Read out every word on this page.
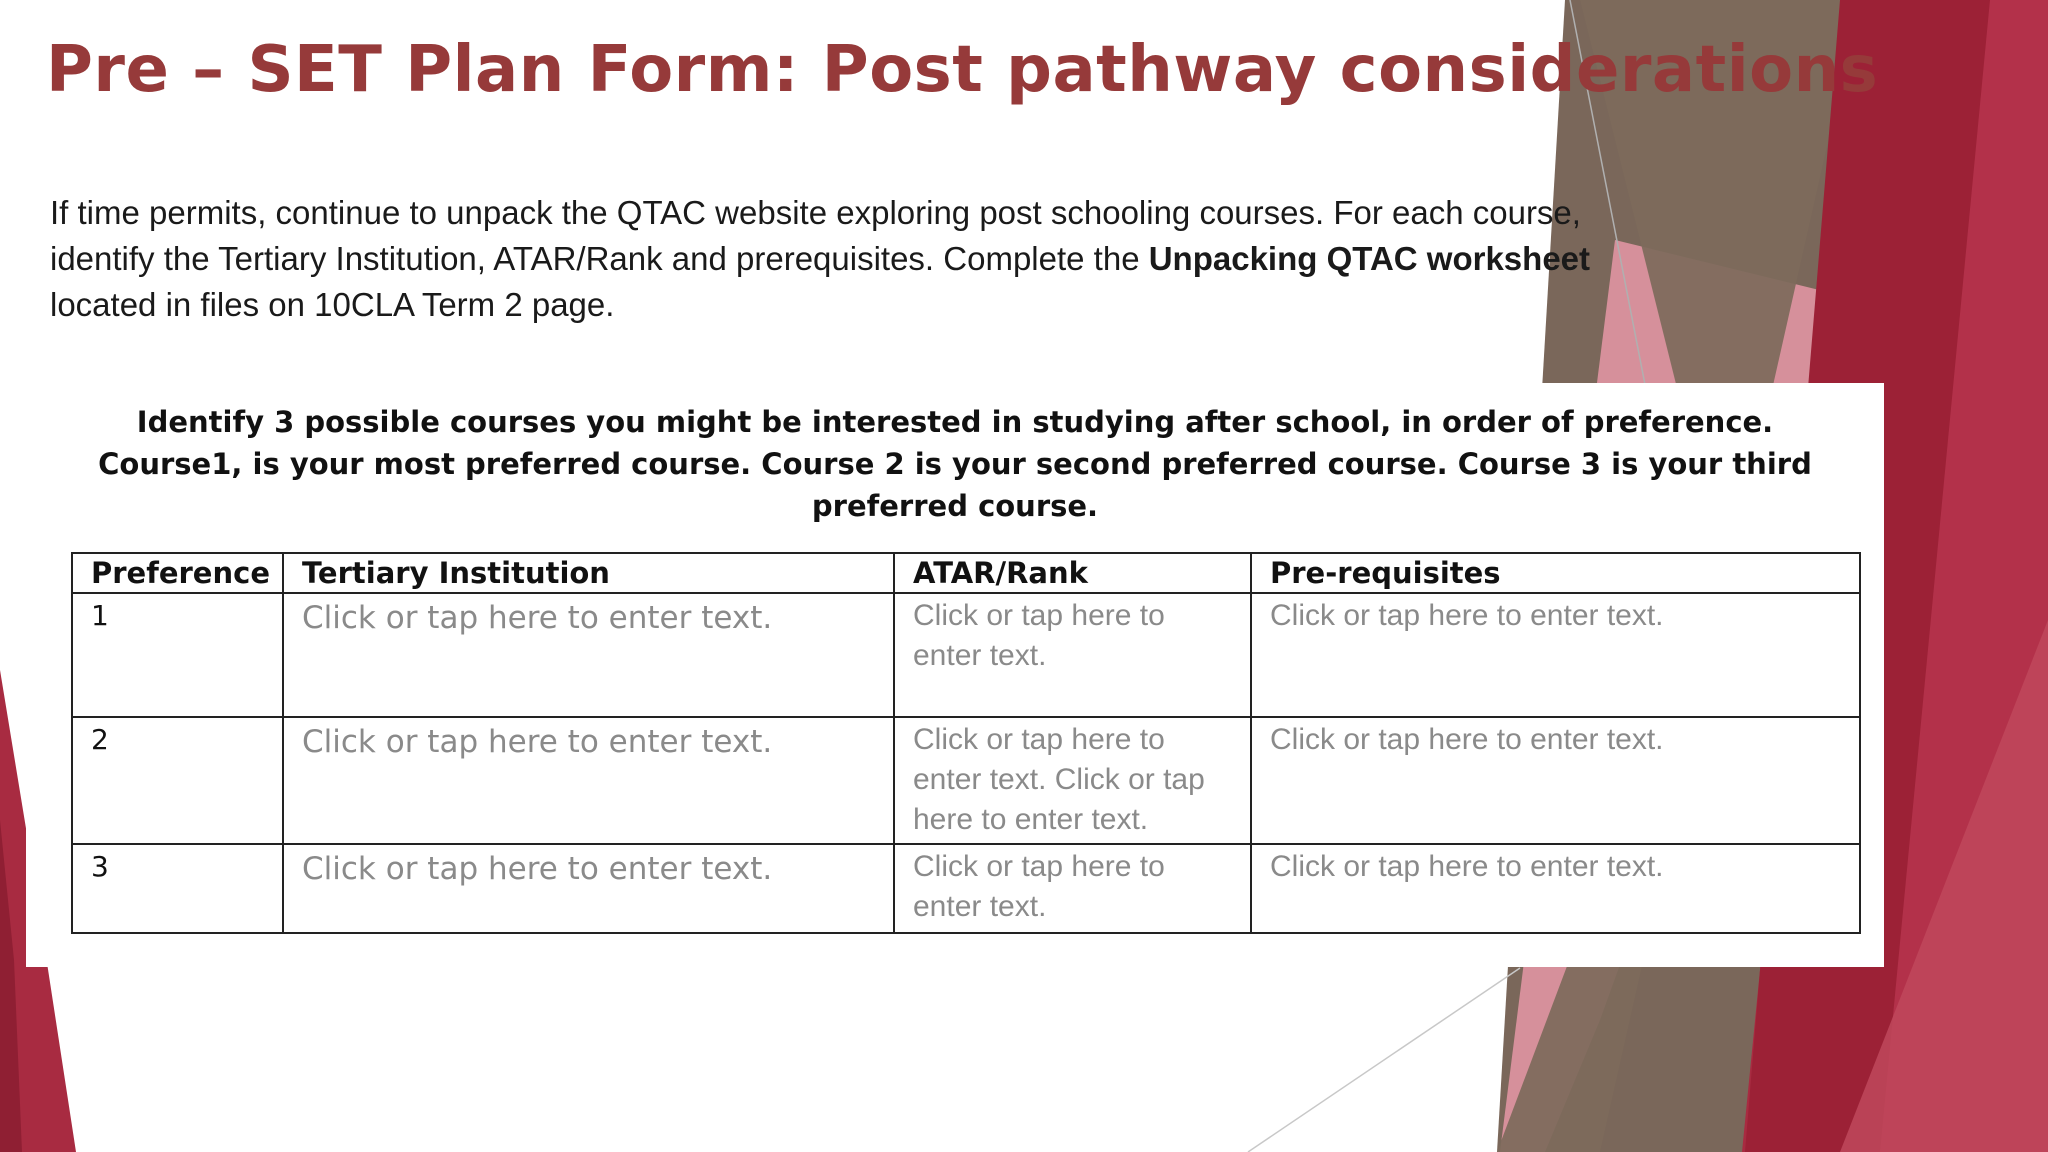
Pre – SET Plan Form: Post pathway considerations

If time permits, continue to unpack the QTAC website exploring post schooling courses. For each course, identify the Tertiary Institution, ATAR/Rank and prerequisites. Complete the Unpacking QTAC worksheet located in files on 10CLA Term 2 page.

Identify 3 possible courses you might be interested in studying after school, in order of preference. Course1, is your most preferred course. Course 2 is your second preferred course. Course 3 is your third preferred course.

Preference	Tertiary Institution	ATAR/Rank	Pre-requisites
1	Click or tap here to enter text.	Click or tap here to enter text.	Click or tap here to enter text.
2	Click or tap here to enter text.	Click or tap here to enter text. Click or tap here to enter text.	Click or tap here to enter text.
3	Click or tap here to enter text.	Click or tap here to enter text.	Click or tap here to enter text.
